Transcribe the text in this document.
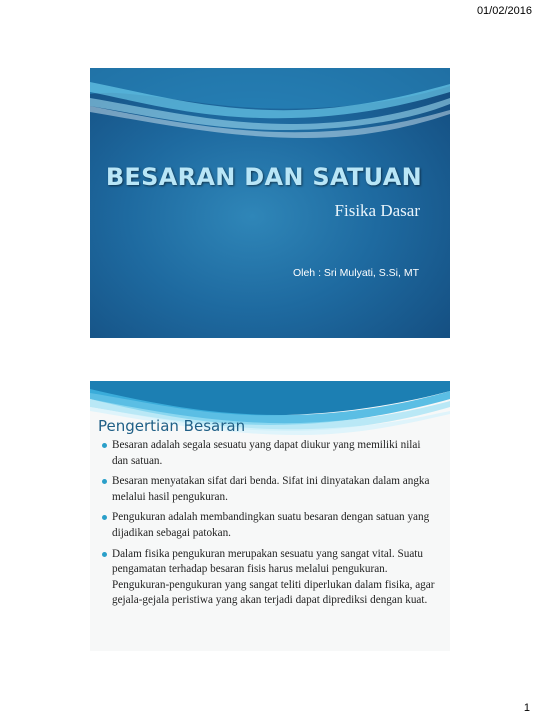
01/02/2016
BESARAN DAN SATUAN
Fisika Dasar
Oleh : Sri Mulyati, S.Si, MT
Pengertian Besaran
Besaran adalah segala sesuatu yang dapat diukur yang memiliki nilai dan satuan.
Besaran menyatakan sifat dari benda. Sifat ini dinyatakan dalam angka melalui hasil pengukuran.
Pengukuran adalah membandingkan suatu besaran dengan satuan yang dijadikan sebagai patokan.
Dalam fisika pengukuran merupakan sesuatu yang sangat vital. Suatu pengamatan terhadap besaran fisis harus melalui pengukuran. Pengukuran-pengukuran yang sangat teliti diperlukan dalam fisika, agar gejala-gejala peristiwa yang akan terjadi dapat diprediksi dengan kuat.
1
